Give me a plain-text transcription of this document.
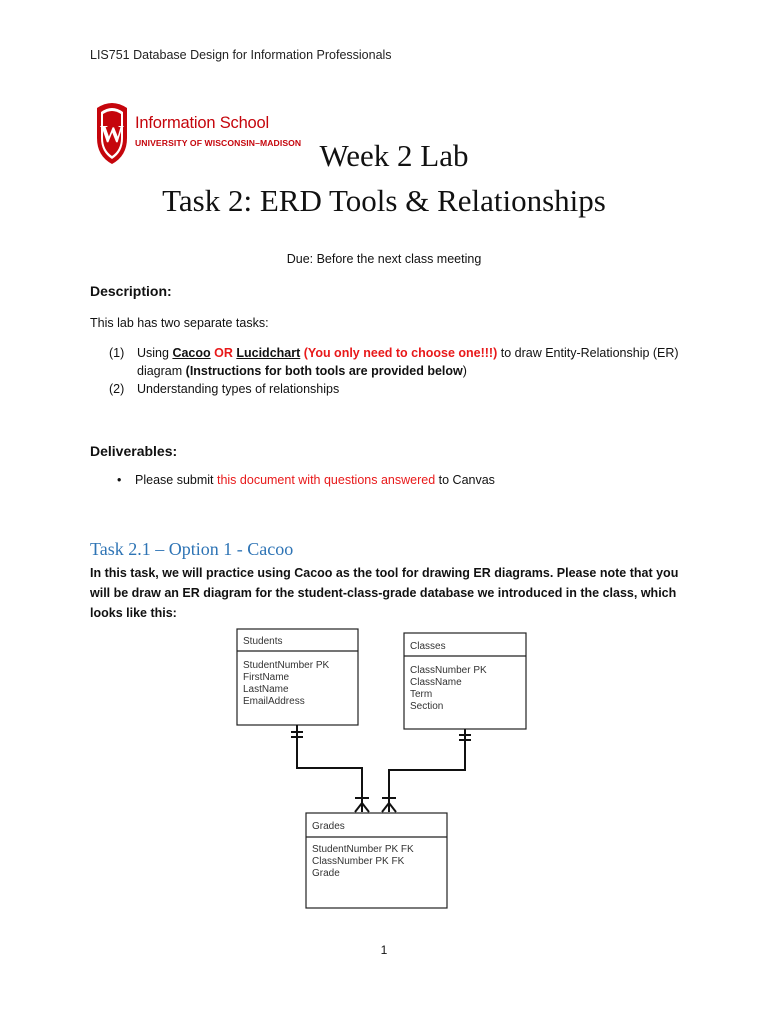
LIS751 Database Design for Information Professionals
W Information School
UNIVERSITY OF WISCONSIN–MADISON Week 2 Lab
Task 2: ERD Tools & Relationships
Due: Before the next class meeting
Description:
This lab has two separate tasks:
(1) Using Cacoo OR Lucidchart (You only need to choose one!!!) to draw Entity-Relationship (ER) diagram (Instructions for both tools are provided below)
(2) Understanding types of relationships
Deliverables:
• Please submit this document with questions answered to Canvas
Task 2.1 – Option 1 - Cacoo
In this task, we will practice using Cacoo as the tool for drawing ER diagrams. Please note that you will be draw an ER diagram for the student-class-grade database we introduced in the class, which looks like this:
Students
StudentNumber PK
FirstName
LastName
EmailAddress
Classes
ClassNumber PK
ClassName
Term
Section
Grades
StudentNumber PK FK
ClassNumber PK FK
Grade
1
